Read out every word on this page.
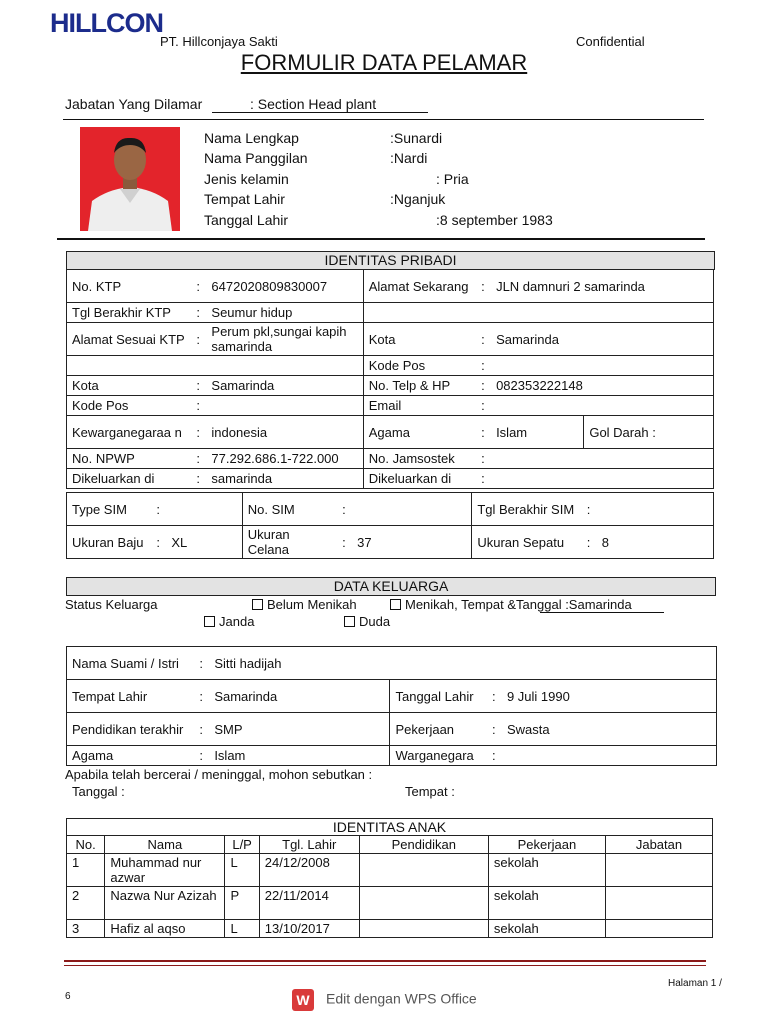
HILLCON
PT. Hillconjaya Sakti	Confidential
FORMULIR DATA PELAMAR
Jabatan Yang Dilamar	: Section Head plant
Nama Lengkap	:Sunardi
Nama Panggilan	:Nardi
Jenis kelamin	: Pria
Tempat Lahir	:Nganjuk
Tanggal Lahir	:8 september 1983
IDENTITAS PRIBADI
No. KTP	:	6472020809830007	Alamat Sekarang	:	JLN damnuri 2 samarinda	
Tgl Berakhir KTP	:	Seumur hidup				
Alamat Sesuai KTP	:	Perum pkl,sungai kapih samarinda	Kota	:	Samarinda	
			Kode Pos	:		
Kota	:	Samarinda	No. Telp & HP	:	082353222148	
Kode Pos	:		Email	:		
Kewarganegaraa n	:	indonesia	Agama	:	Islam	Gol Darah :
No. NPWP	:	77.292.686.1-722.000	No. Jamsostek	:		
Dikeluarkan di	:	samarinda	Dikeluarkan di	:		
Type SIM	:		No. SIM	:		Tgl Berakhir SIM	:	
Ukuran Baju	:	XL	Ukuran Celana	:	37	Ukuran Sepatu	:	8
DATA KELUARGA
Status Keluarga	Belum Menikah	Menikah, Tempat &Tanggal :Samarinda
Janda	Duda
Nama Suami / Istri	:	Sitti hadijah			
Tempat Lahir	:	Samarinda	Tanggal Lahir	:	9 Juli 1990
Pendidikan terakhir	:	SMP	Pekerjaan	:	Swasta
Agama	:	Islam	Warganegara	:	
Apabila telah bercerai / meninggal, mohon sebutkan :
Tanggal :	Tempat :
IDENTITAS ANAK						
No.	Nama	L/P	Tgl. Lahir	Pendidikan	Pekerjaan	Jabatan
1	Muhammad nur azwar	L	24/12/2008		sekolah	
2	Nazwa Nur Azizah	P	22/11/2014		sekolah	
3	Hafiz al aqso	L	13/10/2017		sekolah	
Halaman 1 /
6	W Edit dengan WPS Office
